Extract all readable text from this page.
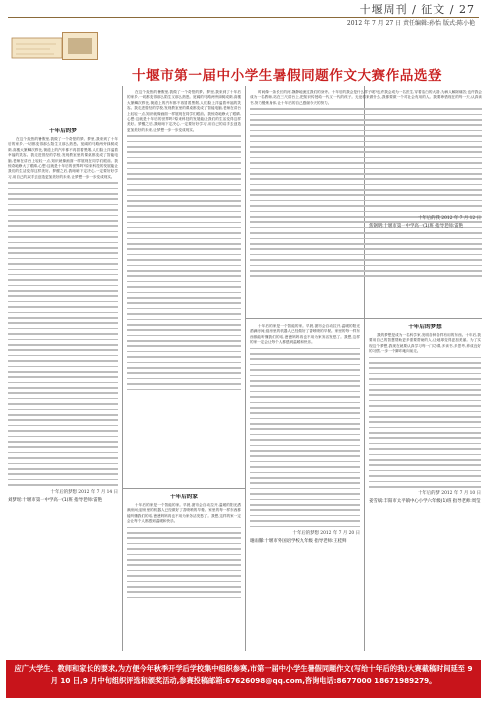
十堰周刊 / 征文 / 27
2012 年 7 月 27 日 责任编辑:孙怡 版式:陈小艳
十堰市第一届中小学生暑假同题作文大赛作品选登
十年后的梦
在这个炎热的暑假里,我做了一个奇怪的梦。梦里,我来到了十年后的家乡,一切都变得那么陌生又那么熟悉。宽阔的马路两旁绿树成荫,高楼大厦鳞次栉比,街道上的汽车都不再冒着黑烟,人们脸上洋溢着幸福的笑容。我走进曾经的学校,发现教室里的课桌都变成了智能电脑,老师在讲台上轻轻一点,知识就像画面一样展现在同学们眼前。我惊奇地睁大了眼睛,心想:这就是十年后的世界吗?原来科技的发展能让我们的生活变得这样美好。梦醒之后,我暗暗下定决心,一定要好好学习,用自己的双手去创造更加美好的未来,让梦想一步一步变成现实。
十年后的梦想 2012 年 7 月 14 日
刘梦瑶:十堰市第一中学高一(1)班 指导老师:雷艳
在这个炎热的暑假里,我做了一个奇怪的梦。梦里,我来到了十年后的家乡,一切都变得那么陌生又那么熟悉。宽阔的马路两旁绿树成荫,高楼大厦鳞次栉比,街道上的汽车都不再冒着黑烟,人们脸上洋溢着幸福的笑容。我走进曾经的学校,发现教室里的课桌都变成了智能电脑,老师在讲台上轻轻一点,知识就像画面一样展现在同学们眼前。我惊奇地睁大了眼睛,心想:这就是十年后的世界吗?原来科技的发展能让我们的生活变得这样美好。梦醒之后,我暗暗下定决心,一定要好好学习,用自己的双手去创造更加美好的未来,让梦想一步一步变成现实。
十年后的家
十年后的家是一个智能的家。早晨,窗帘会自动拉开,温暖的阳光洒满房间;厨房里的机器人已经做好了香喷喷的早餐。家里的每一样东西都能听懂我们的话,爸爸妈妈再也不用为家务活发愁了。我想,这样的家一定会让每个人都感到温暖和快乐。
时间像一条长长的河,静静地流过我们的身旁。十年后的我会是什么样子呢?也许我会成为一名医生,穿着洁白的大褂,为病人解除痛苦;也许我会成为一名教师,站在三尺讲台上,把知识传授给一代又一代的孩子。无论将来做什么,我都要做一个对社会有用的人。我要珍惜现在的每一天,认真读书,努力锻炼身体,让十年后的自己感谢今天的努力。
十年后的我 2012 年 7 月 12 日
焦钢明:十堰市第一中学高一(1)班 指导老师:雷艳
十年后的家是一个智能的家。早晨,窗帘会自动拉开,温暖的阳光洒满房间;厨房里的机器人已经做好了香喷喷的早餐。家里的每一样东西都能听懂我们的话,爸爸妈妈再也不用为家务活发愁了。我想,这样的家一定会让每个人都感到温暖和快乐。
十年后的梦想 2012 年 7 月 20 日
谢雨馨:十堰市外国语学校九年级 指导老师:王桂鲜
十年后的梦想
我的梦想是成为一名科学家,发明各种各样有用的东西。十年后,我要用自己的智慧帮助更多需要帮助的人,让地球变得更加美丽。为了实现这个梦想,我现在就要认真学习每一门功课,多读书,多思考,养成良好的习惯,一步一个脚印地向前走。
十年后的梦 2012 年 7 月 10 日
姜雪斌:丰阳市太平镇中心小学六年级(1)班 指导老师:周莹
应广大学生、教师和家长的要求,为方便今年秋季开学后学校集中组织参赛,市第一届中小学生暑假同题作文(写给十年后的我)大赛截稿时间延至 9 月 10 日,9 月中旬组织评选和颁奖活动,参赛投稿邮箱:67626098@qq.com,咨询电话:8677000 18671989279。
